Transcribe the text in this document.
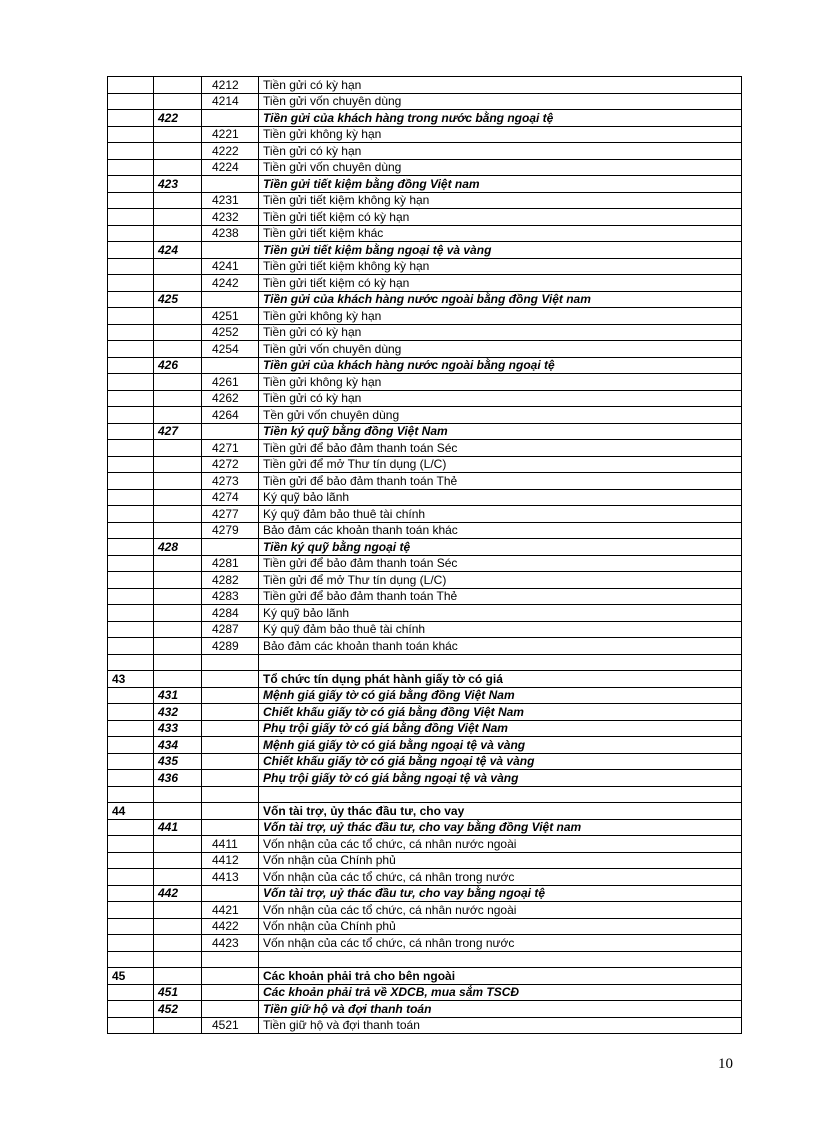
		4212	Tiền gửi có kỳ hạn
		4214	Tiền gửi vốn chuyên dùng
	422		Tiền gửi của khách hàng trong nước bằng ngoại tệ
		4221	Tiền gửi không kỳ hạn
		4222	Tiền gửi có kỳ hạn
		4224	Tiền gửi vốn chuyên dùng
	423		Tiền gửi tiết kiệm bằng đồng Việt nam
		4231	Tiền gửi tiết kiệm không kỳ hạn
		4232	Tiền gửi tiết kiệm có kỳ hạn
		4238	Tiền gửi tiết kiệm khác
	424		Tiền gửi tiết kiệm bằng ngoại tệ và vàng
		4241	Tiền gửi tiết kiệm không kỳ hạn
		4242	Tiền gửi tiết kiệm có kỳ hạn
	425		Tiền gửi của khách hàng nước ngoài bằng đồng Việt nam
		4251	Tiền gửi không kỳ hạn
		4252	Tiền gửi có kỳ hạn
		4254	Tiền gửi vốn chuyên dùng
	426		Tiền gửi của khách hàng nước ngoài bằng ngoại tệ
		4261	Tiền gửi không kỳ hạn
		4262	Tiền gửi có kỳ hạn
		4264	Tền gửi vốn chuyên dùng
	427		Tiền ký quỹ bằng đồng Việt Nam
		4271	Tiền gửi để bảo đảm thanh toán Séc
		4272	Tiền gửi để mở Thư tín dụng (L/C)
		4273	Tiền gửi để bảo đảm thanh toán Thẻ
		4274	Ký quỹ bảo lãnh
		4277	Ký quỹ đảm bảo thuê tài chính
		4279	Bảo đảm các khoản thanh toán khác
	428		Tiền ký quỹ bằng ngoại tệ
		4281	Tiền gửi để bảo đảm thanh toán Séc
		4282	Tiền gửi để mở Thư tín dụng (L/C)
		4283	Tiền gửi để bảo đảm thanh toán Thẻ
		4284	Ký quỹ bảo lãnh
		4287	Ký quỹ đảm bảo thuê tài chính
		4289	Bảo đảm các khoản thanh toán khác

43			Tổ chức tín dụng phát hành giấy tờ có giá
	431		Mệnh giá giấy tờ có giá bằng đồng Việt Nam
	432		Chiết khấu giấy tờ có giá bằng đồng Việt Nam
	433		Phụ trội giấy tờ có giá bằng đồng Việt Nam
	434		Mệnh giá giấy tờ có giá bằng ngoại tệ và vàng
	435		Chiết khấu giấy tờ có giá bằng ngoại tệ và vàng
	436		Phụ trội giấy tờ có giá bằng ngoại tệ và vàng

44			Vốn tài trợ, ủy thác đầu tư, cho vay
	441		Vốn tài trợ, uỷ thác đầu tư, cho vay bằng đồng Việt nam
		4411	Vốn nhận của các tổ chức, cá nhân nước ngoài
		4412	Vốn nhận của Chính phủ
		4413	Vốn nhận của các tổ chức, cá nhân trong nước
	442		Vốn tài trợ, uỷ thác đầu tư, cho vay bằng ngoại tệ
		4421	Vốn nhận của các tổ chức, cá nhân nước ngoài
		4422	Vốn nhận của Chính phủ
		4423	Vốn nhận của các tổ chức, cá nhân trong nước

45			Các khoản phải trả cho bên ngoài
	451		Các khoản phải trả về XDCB, mua sắm TSCĐ
	452		Tiền giữ hộ và đợi thanh toán
		4521	Tiền giữ hộ và đợi thanh toán
10
